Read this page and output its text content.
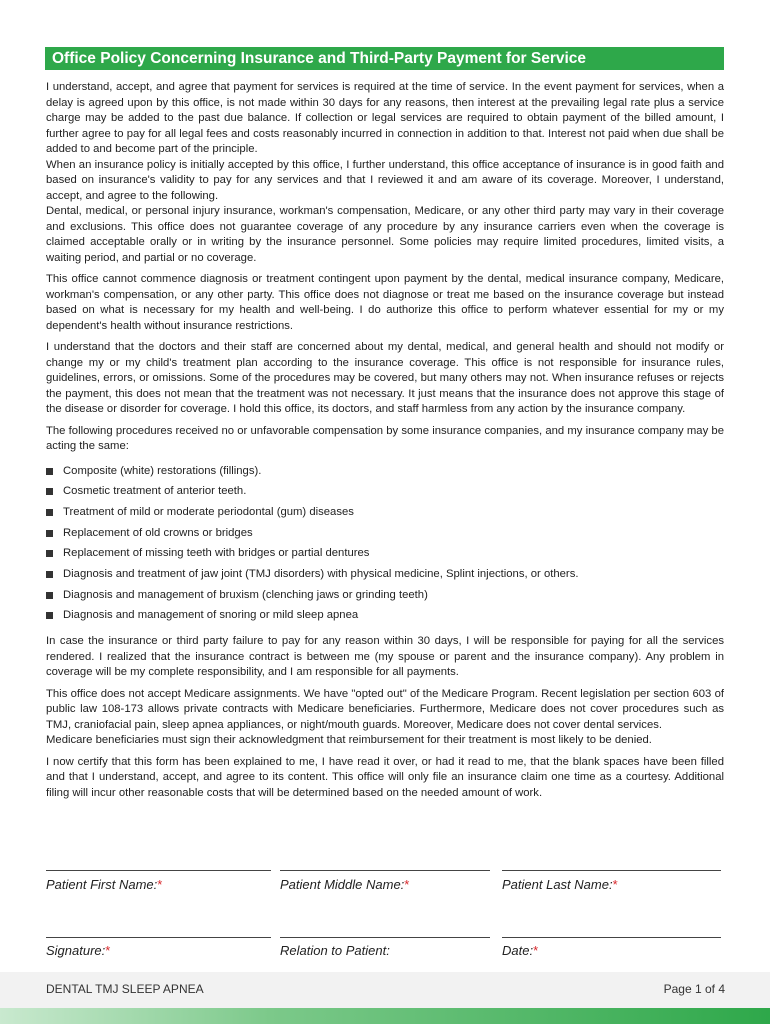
Office Policy Concerning Insurance and Third-Party Payment for Service

I understand, accept, and agree that payment for services is required at the time of service. In the event payment for services, when a delay is agreed upon by this office, is not made within 30 days for any reasons, then interest at the prevailing legal rate plus a service charge may be added to the past due balance. If collection or legal services are required to obtain payment of the billed amount, I further agree to pay for all legal fees and costs reasonably incurred in connection in addition to that. Interest not paid when due shall be added to and become part of the principle.

When an insurance policy is initially accepted by this office, I further understand, this office acceptance of insurance is in good faith and based on insurance's validity to pay for any services and that I reviewed it and am aware of its coverage. Moreover, I understand, accept, and agree to the following.

Dental, medical, or personal injury insurance, workman's compensation, Medicare, or any other third party may vary in their coverage and exclusions. This office does not guarantee coverage of any procedure by any insurance carriers even when the coverage is claimed acceptable orally or in writing by the insurance personnel. Some policies may require limited procedures, limited visits, a waiting period, and partial or no coverage.

This office cannot commence diagnosis or treatment contingent upon payment by the dental, medical insurance company, Medicare, workman's compensation, or any other party. This office does not diagnose or treat me based on the insurance coverage but instead based on what is necessary for my health and well-being. I do authorize this office to perform whatever essential for my or my dependent's health without insurance restrictions.

I understand that the doctors and their staff are concerned about my dental, medical, and general health and should not modify or change my or my child's treatment plan according to the insurance coverage. This office is not responsible for insurance rules, guidelines, errors, or omissions. Some of the procedures may be covered, but many others may not. When insurance refuses or rejects the payment, this does not mean that the treatment was not necessary. It just means that the insurance does not approve this stage of the disease or disorder for coverage. I hold this office, its doctors, and staff harmless from any action by the insurance company.

The following procedures received no or unfavorable compensation by some insurance companies, and my insurance company may be acting the same:

Composite (white) restorations (fillings).
Cosmetic treatment of anterior teeth.
Treatment of mild or moderate periodontal (gum) diseases
Replacement of old crowns or bridges
Replacement of missing teeth with bridges or partial dentures
Diagnosis and treatment of jaw joint (TMJ disorders) with physical medicine, Splint injections, or others.
Diagnosis and management of bruxism (clenching jaws or grinding teeth)
Diagnosis and management of snoring or mild sleep apnea

In case the insurance or third party failure to pay for any reason within 30 days, I will be responsible for paying for all the services rendered. I realized that the insurance contract is between me (my spouse or parent and the insurance company). Any problem in coverage will be my complete responsibility, and I am responsible for all payments.

This office does not accept Medicare assignments. We have "opted out" of the Medicare Program. Recent legislation per section 603 of public law 108-173 allows private contracts with Medicare beneficiaries. Furthermore, Medicare does not cover procedures such as TMJ, craniofacial pain, sleep apnea appliances, or night/mouth guards. Moreover, Medicare does not cover dental services.

Medicare beneficiaries must sign their acknowledgment that reimbursement for their treatment is most likely to be denied.

I now certify that this form has been explained to me, I have read it over, or had it read to me, that the blank spaces have been filled and that I understand, accept, and agree to its content. This office will only file an insurance claim one time as a courtesy. Additional filing will incur other reasonable costs that will be determined based on the needed amount of work.

Patient First Name:*	Patient Middle Name:*	Patient Last Name:*
Signature:*	Relation to Patient:	Date:*
DENTAL TMJ SLEEP APNEA	Page 1 of 4
